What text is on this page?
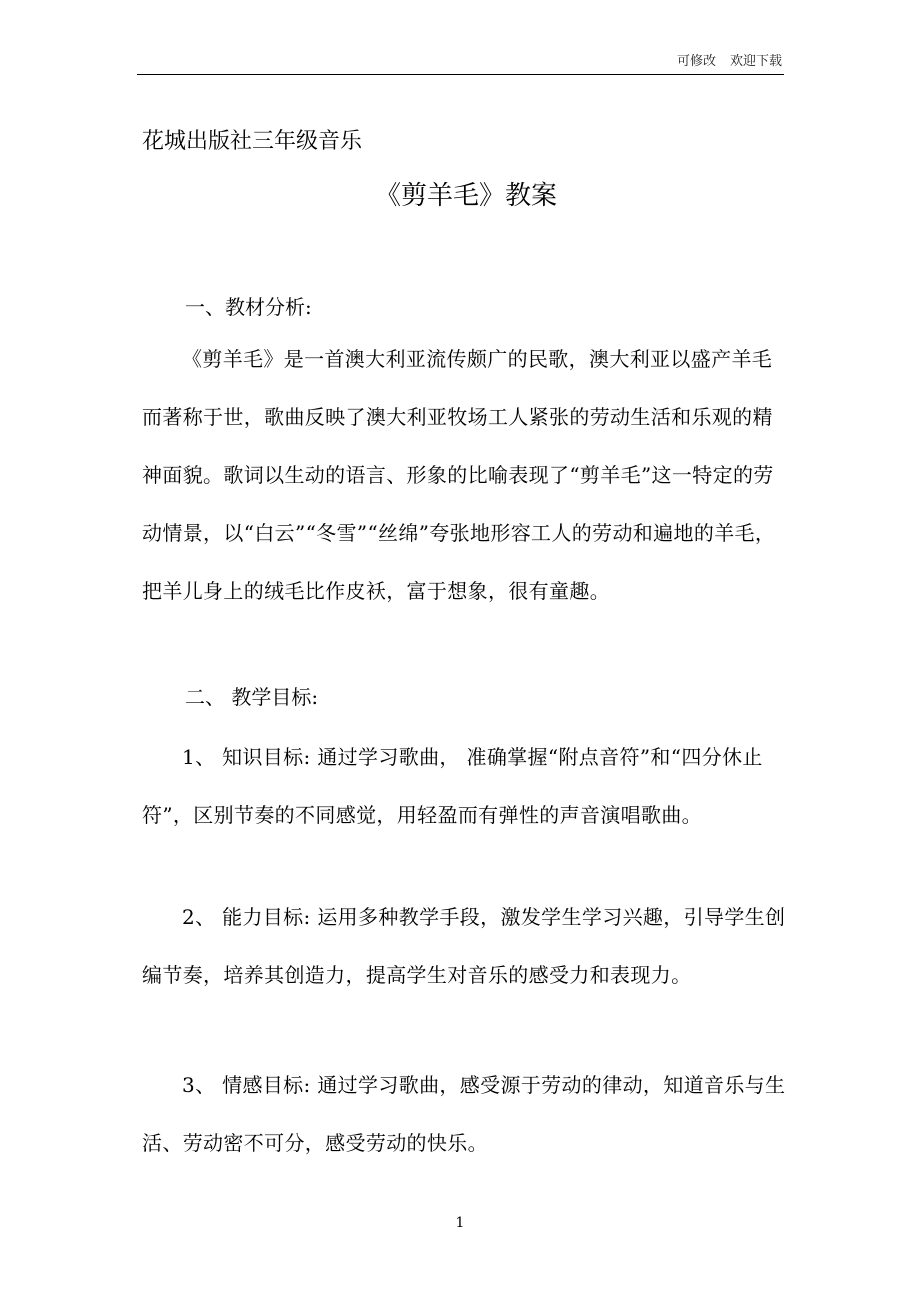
可修改 欢迎下载
花城出版社三年级音乐
《剪羊毛》教案
一、教材分析:

《剪羊毛》是一首澳大利亚流传颇广的民歌，澳大利亚以盛产羊毛而著称于世，歌曲反映了澳大利亚牧场工人紧张的劳动生活和乐观的精神面貌。歌词以生动的语言、形象的比喻表现了“剪羊毛”这一特定的劳动情景，以“白云”“冬雪”“丝绵”夸张地形容工人的劳动和遍地的羊毛，把羊儿身上的绒毛比作皮袄，富于想象，很有童趣。

二、 教学目标:

1、 知识目标: 通过学习歌曲， 准确掌握“附点音符”和“四分休止符”，区别节奏的不同感觉，用轻盈而有弹性的声音演唱歌曲。

2、 能力目标: 运用多种教学手段，激发学生学习兴趣，引导学生创编节奏，培养其创造力，提高学生对音乐的感受力和表现力。

3、 情感目标: 通过学习歌曲，感受源于劳动的律动，知道音乐与生活、劳动密不可分，感受劳动的快乐。

1
